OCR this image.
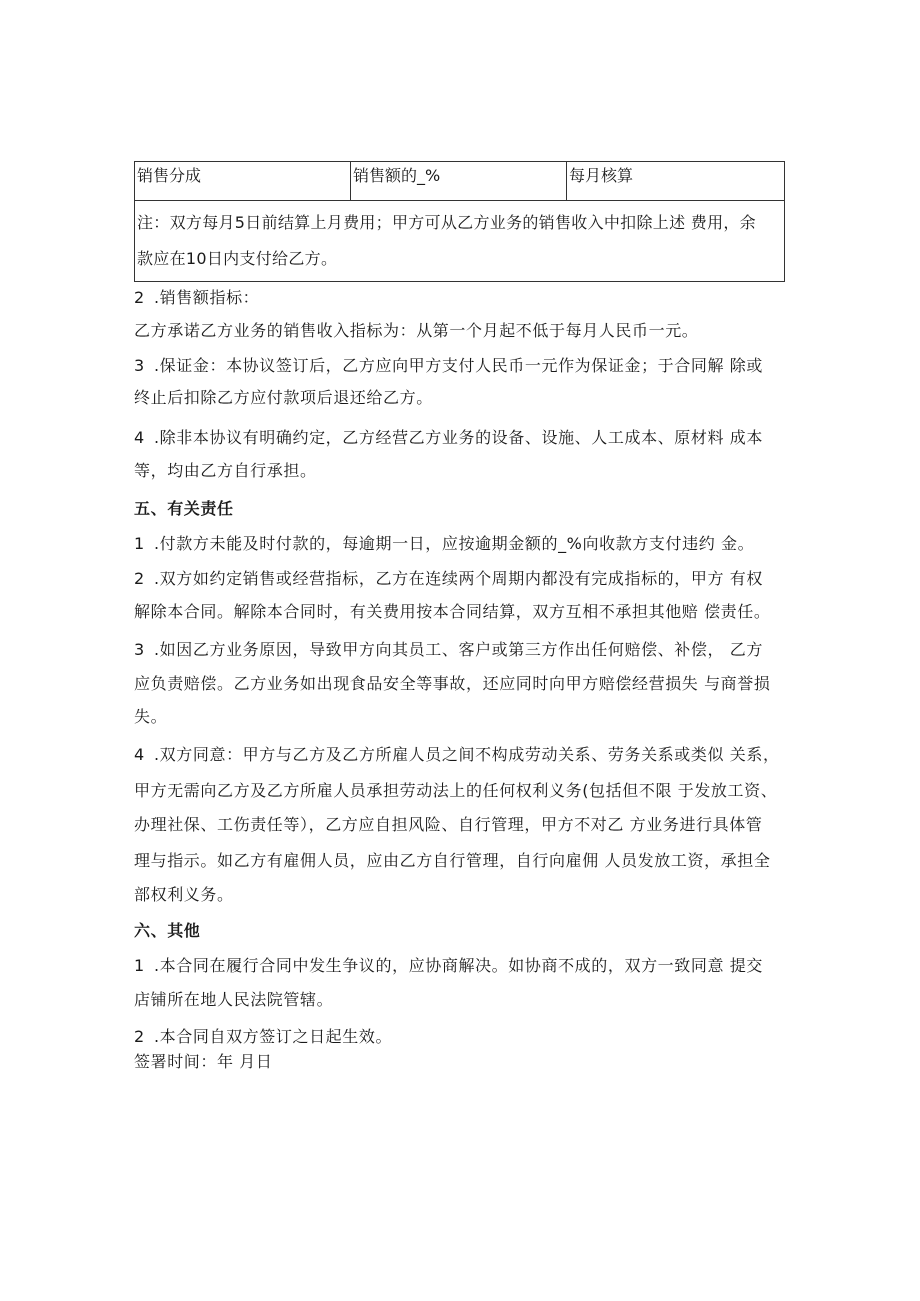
销售分成	销售额的_%	每月核算

注：双方每月5日前结算上月费用；甲方可从乙方业务的销售收入中扣除上述 费用，余
款应在10日内支付给乙方。
2 .销售额指标：
乙方承诺乙方业务的销售收入指标为：从第一个月起不低于每月人民币一元。
3 .保证金：本协议签订后，乙方应向甲方支付人民币一元作为保证金；于合同解 除或
终止后扣除乙方应付款项后退还给乙方。
4 .除非本协议有明确约定，乙方经营乙方业务的设备、设施、人工成本、原材料 成本
等，均由乙方自行承担。
五、有关责任
1 .付款方未能及时付款的，每逾期一日，应按逾期金额的_%向收款方支付违约 金。
2 .双方如约定销售或经营指标，乙方在连续两个周期内都没有完成指标的，甲方 有权
解除本合同。解除本合同时，有关费用按本合同结算，双方互相不承担其他赔 偿责任。
3 .如因乙方业务原因，导致甲方向其员工、客户或第三方作出任何赔偿、补偿， 乙方
应负责赔偿。乙方业务如出现食品安全等事故，还应同时向甲方赔偿经营损失 与商誉损
失。
4 .双方同意：甲方与乙方及乙方所雇人员之间不构成劳动关系、劳务关系或类似 关系，
甲方无需向乙方及乙方所雇人员承担劳动法上的任何权利义务(包括但不限 于发放工资、
办理社保、工伤责任等），乙方应自担风险、自行管理，甲方不对乙 方业务进行具体管
理与指示。如乙方有雇佣人员，应由乙方自行管理，自行向雇佣 人员发放工资，承担全
部权利义务。
六、其他
1 .本合同在履行合同中发生争议的，应协商解决。如协商不成的，双方一致同意 提交
店铺所在地人民法院管辖。
2 .本合同自双方签订之日起生效。
签署时间：年 月日
